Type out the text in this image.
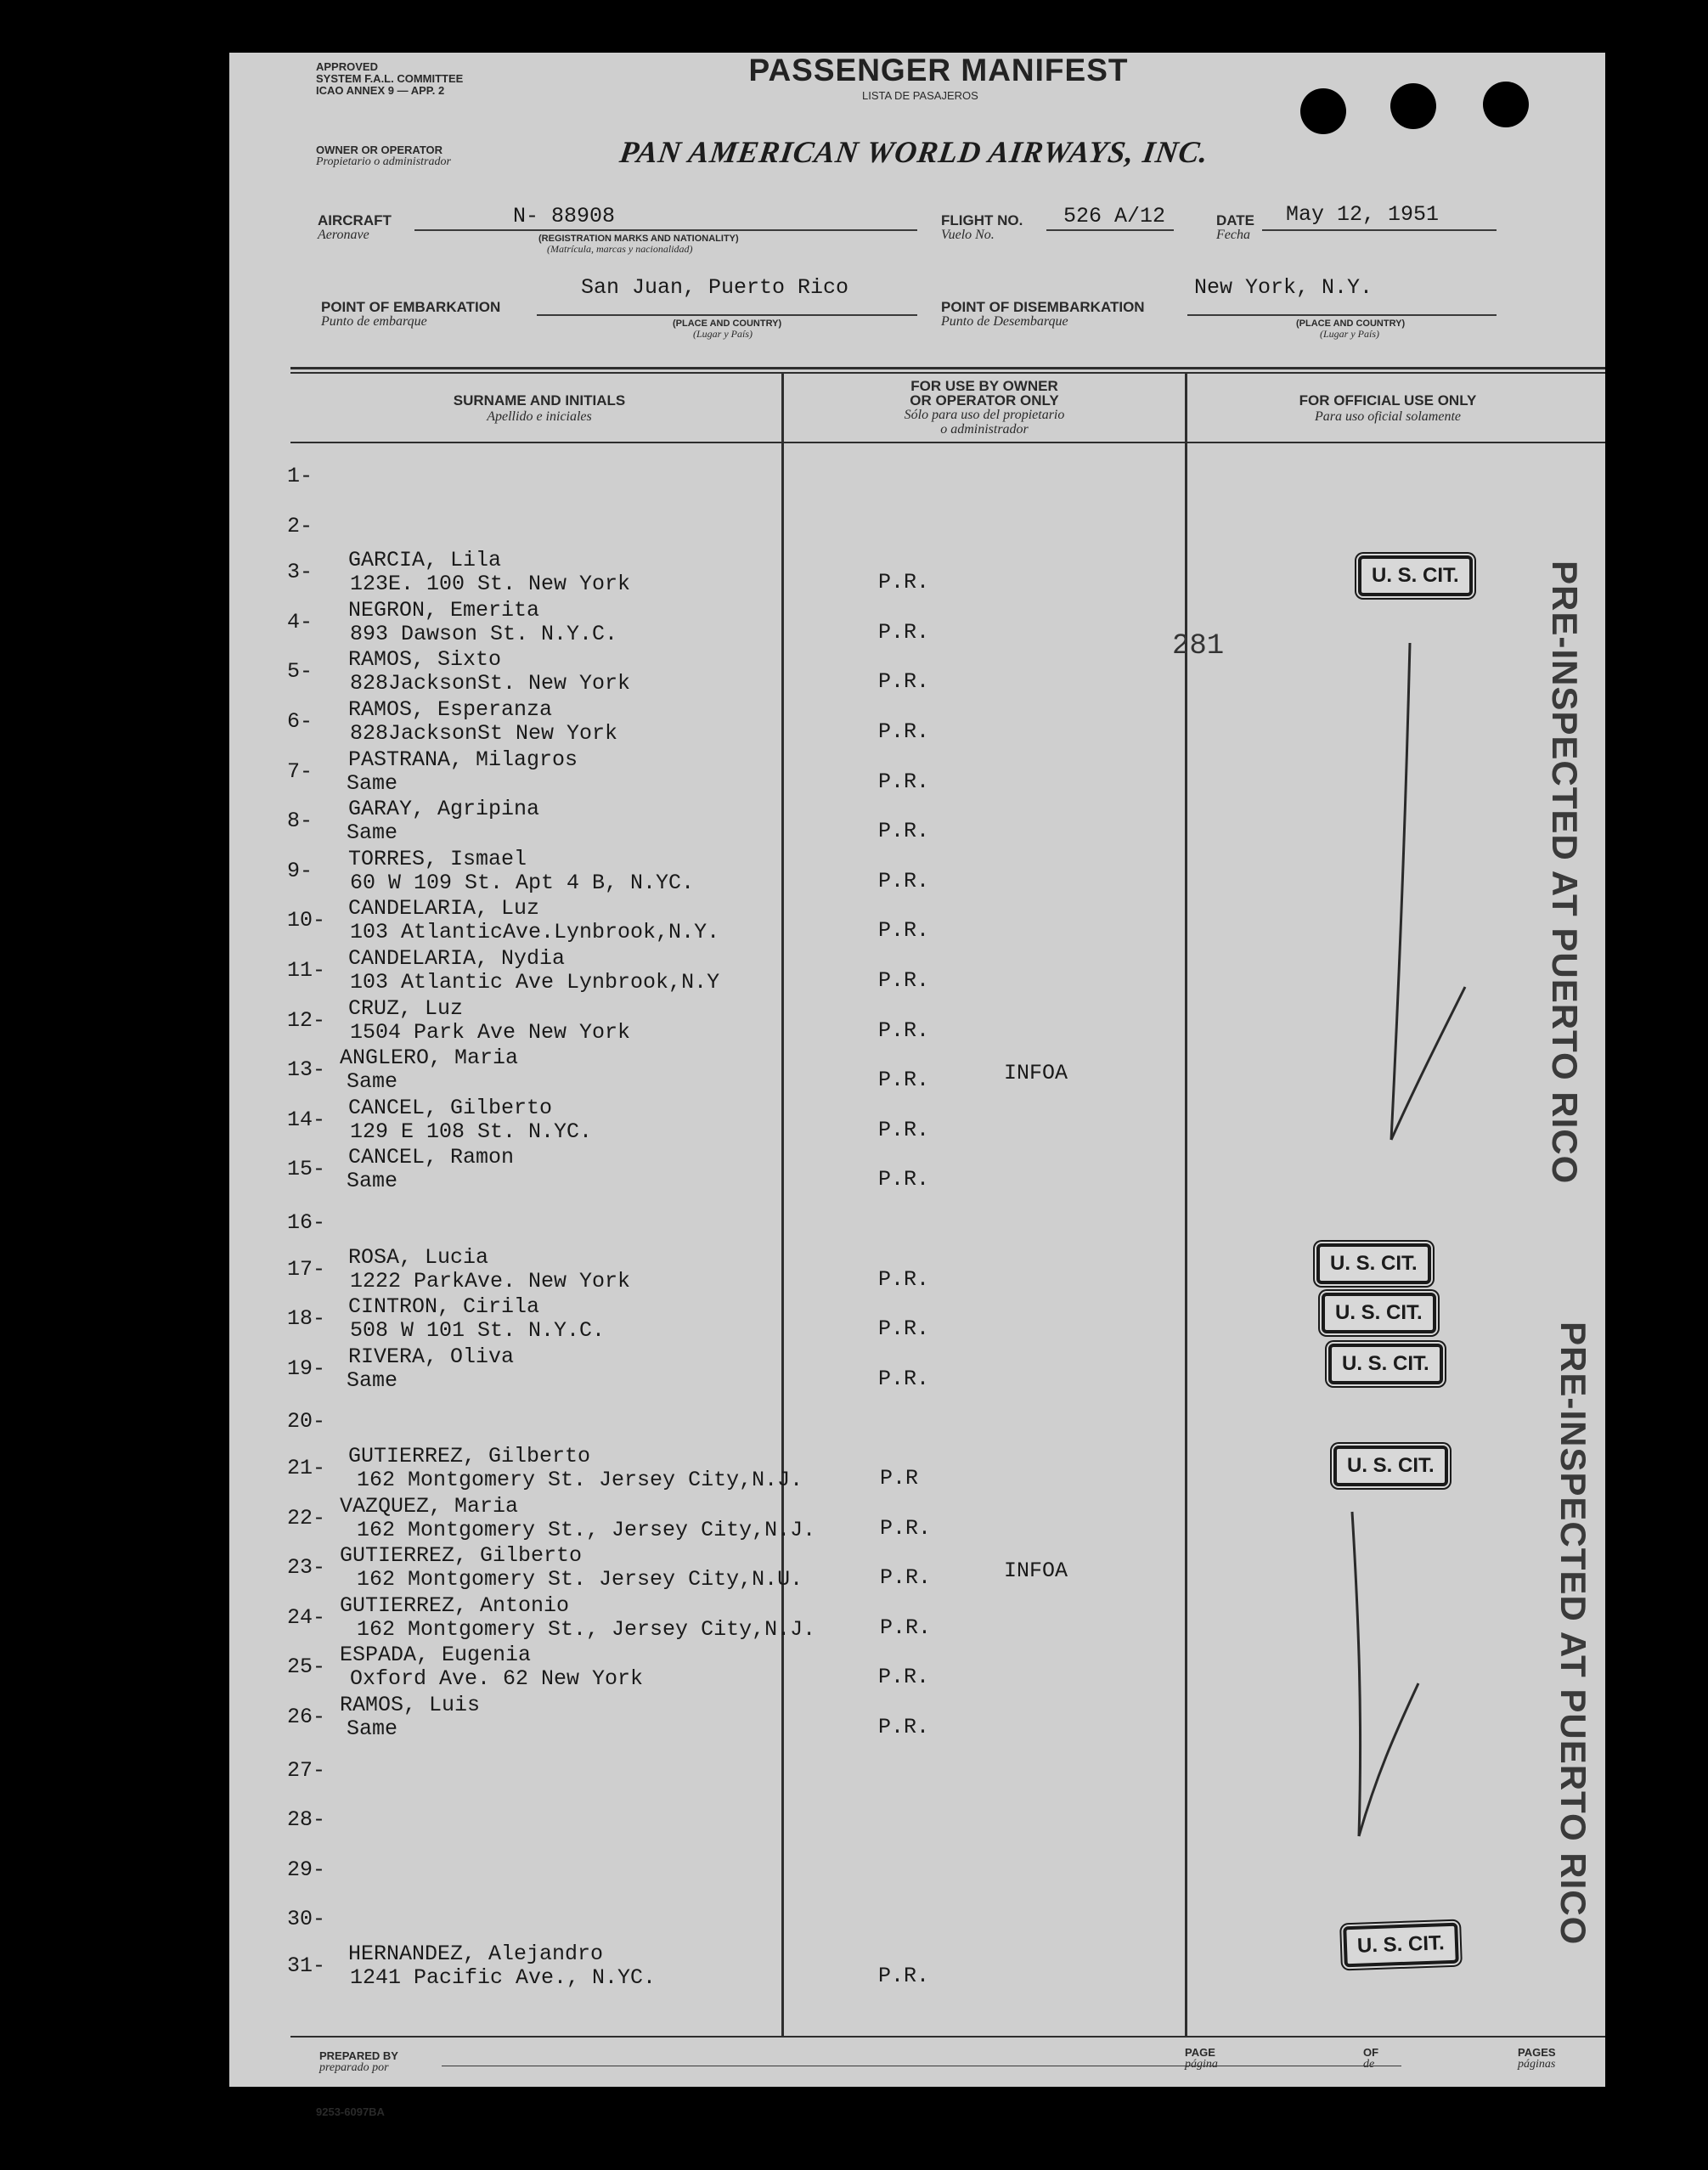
APPROVED
SYSTEM F.A.L. COMMITTEE
ICAO ANNEX 9 — APP. 2
PASSENGER MANIFEST
LISTA DE PASAJEROS
OWNER OR OPERATOR
Propietario o administrador	PAN AMERICAN WORLD AIRWAYS, INC.
AIRCRAFT
Aeronave
N- 88908
(REGISTRATION MARKS AND NATIONALITY)
(Matrícula, marcas y nacionalidad)
FLIGHT NO.
Vuelo No.
526 A/12	DATE
Fecha
May 12, 1951
POINT OF EMBARKATION
Punto de embarque
San Juan, Puerto Rico
(PLACE AND COUNTRY)
(Lugar y País)
POINT OF DISEMBARKATION
Punto de Desembarque
New York, N.Y.
(PLACE AND COUNTRY)
(Lugar y País)
SURNAME AND INITIALS
Apellido e iniciales
FOR USE BY OWNER
OR OPERATOR ONLY
Sólo para uso del propietario
o administrador
FOR OFFICIAL USE ONLY
Para uso oficial solamente
1-
2-
3-	GARCIA, Lila
123E. 100 St. New York	P.R.
4-	NEGRON, Emerita
893 Dawson St. N.Y.C.	P.R.
5-	RAMOS, Sixto
828JacksonSt. New York	P.R.
6-	RAMOS, Esperanza
828JacksonSt New York	P.R.
7-	PASTRANA, Milagros
Same	P.R.
8-	GARAY, Agripina
Same	P.R.
9-	TORRES, Ismael
60 W 109 St. Apt 4 B, N.YC.	P.R.
10-	CANDELARIA, Luz
103 AtlanticAve.Lynbrook,N.Y.	P.R.
11-	CANDELARIA, Nydia
103 Atlantic Ave Lynbrook,N.Y	P.R.
12-	CRUZ, Luz
1504 Park Ave New York	P.R.
13- ANGLERO, Maria
Same	P.R.	INFOA
14-	CANCEL, Gilberto
129 E 108 St. N.YC.	P.R.
15-	CANCEL, Ramon
Same	P.R.
16-
17-	ROSA, Lucia
1222 ParkAve. New York	P.R.
18-	CINTRON, Cirila
508 W 101 St. N.Y.C.	P.R.
19-	RIVERA, Oliva
Same	P.R.
20-
21-	GUTIERREZ, Gilberto
162 Montgomery St. Jersey City,N.J.	P.R
22- VAZQUEZ, Maria
162 Montgomery St., Jersey City,N.J.	P.R.
23- GUTIERREZ, Gilberto
162 Montgomery St. Jersey City,N.U.	P.R.	INFOA
24- GUTIERREZ, Antonio
162 Montgomery St., Jersey City,N.J.	P.R.
25- ESPADA, Eugenia
Oxford Ave. 62 New York	P.R.
26- RAMOS, Luis
Same	P.R.
27-
28-
29-
30-
31-	HERNANDEZ, Alejandro
1241 Pacific Ave., N.YC.	P.R.
281
U. S. CIT.
U. S. CIT.
U. S. CIT.
U. S. CIT.
U. S. CIT.
U. S. CIT.
PRE-INSPECTED AT PUERTO RICO
PRE-INSPECTED AT PUERTO RICO
PREPARED BY
preparado por
PAGE
página
OF
de
PAGES
páginas
9253-6097BA
